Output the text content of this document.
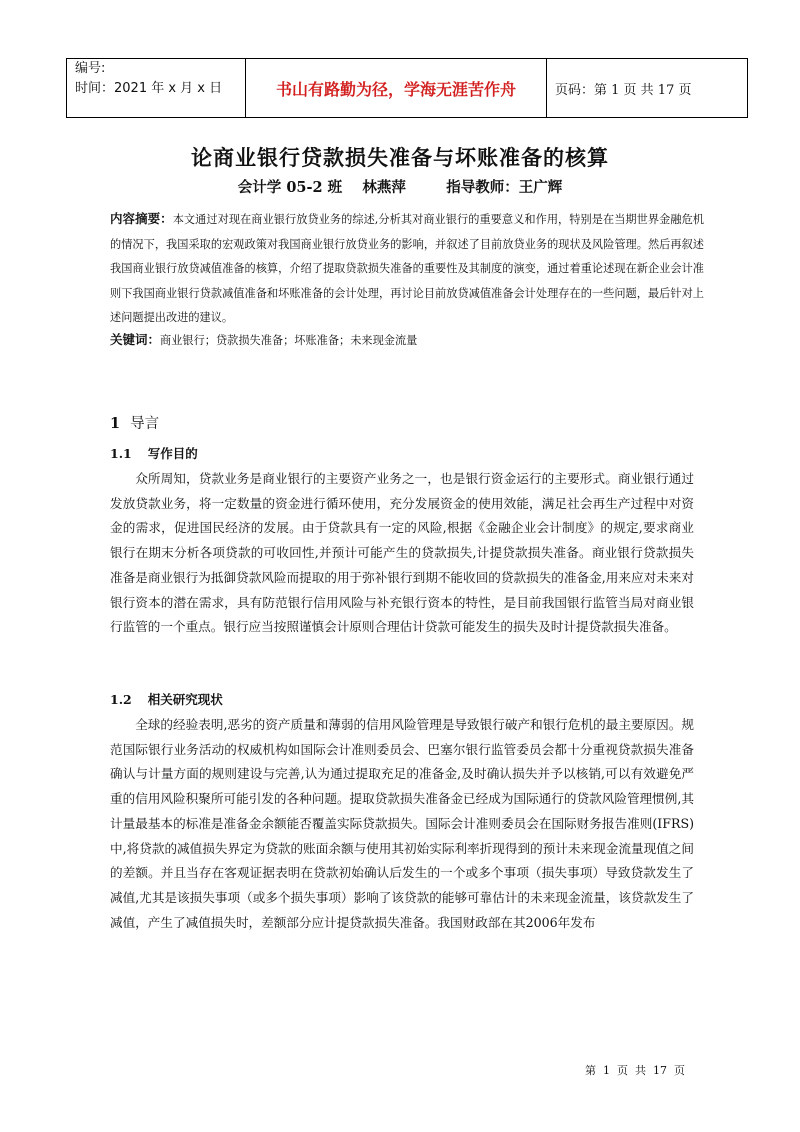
编号:
时间：2021 年 x 月 x 日	书山有路勤为径，学海无涯苦作舟	页码：第 1 页 共 17 页
论商业银行贷款损失准备与坏账准备的核算
会计学 05-2 班    林燕萍        指导教师：王广辉
内容摘要：本文通过对现在商业银行放贷业务的综述,分析其对商业银行的重要意义和作用，特别是在当期世界金融危机的情况下，我国采取的宏观政策对我国商业银行放贷业务的影响，并叙述了目前放贷业务的现状及风险管理。然后再叙述我国商业银行放贷减值准备的核算，介绍了提取贷款损失准备的重要性及其制度的演变，通过着重论述现在新企业会计准则下我国商业银行贷款减值准备和坏账准备的会计处理，再讨论目前放贷减值准备会计处理存在的一些问题，最后针对上述问题提出改进的建议。
关键词：商业银行；贷款损失准备；坏账准备；未来现金流量
1 导言
1.1 写作目的
众所周知，贷款业务是商业银行的主要资产业务之一，也是银行资金运行的主要形式。商业银行通过发放贷款业务，将一定数量的资金进行循环使用，充分发展资金的使用效能，满足社会再生产过程中对资金的需求，促进国民经济的发展。由于贷款具有一定的风险,根据《金融企业会计制度》的规定,要求商业银行在期末分析各项贷款的可收回性,并预计可能产生的贷款损失,计提贷款损失准备。商业银行贷款损失准备是商业银行为抵御贷款风险而提取的用于弥补银行到期不能收回的贷款损失的准备金,用来应对未来对银行资本的潜在需求，具有防范银行信用风险与补充银行资本的特性，是目前我国银行监管当局对商业银行监管的一个重点。银行应当按照谨慎会计原则合理估计贷款可能发生的损失及时计提贷款损失准备。
1.2 相关研究现状
全球的经验表明,恶劣的资产质量和薄弱的信用风险管理是导致银行破产和银行危机的最主要原因。规范国际银行业务活动的权威机构如国际会计准则委员会、巴塞尔银行监管委员会都十分重视贷款损失准备确认与计量方面的规则建设与完善,认为通过提取充足的准备金,及时确认损失并予以核销,可以有效避免严重的信用风险积聚所可能引发的各种问题。提取贷款损失准备金已经成为国际通行的贷款风险管理惯例,其计量最基本的标准是准备金余额能否覆盖实际贷款损失。国际会计准则委员会在国际财务报告准则(IFRS)中,将贷款的减值损失界定为贷款的账面余额与使用其初始实际利率折现得到的预计未来现金流量现值之间的差额。并且当存在客观证据表明在贷款初始确认后发生的一个或多个事项（损失事项）导致贷款发生了减值,尤其是该损失事项（或多个损失事项）影响了该贷款的能够可靠估计的未来现金流量，该贷款发生了减值，产生了减值损失时，差额部分应计提贷款损失准备。我国财政部在其2006年发布
第  1  页  共  17  页
